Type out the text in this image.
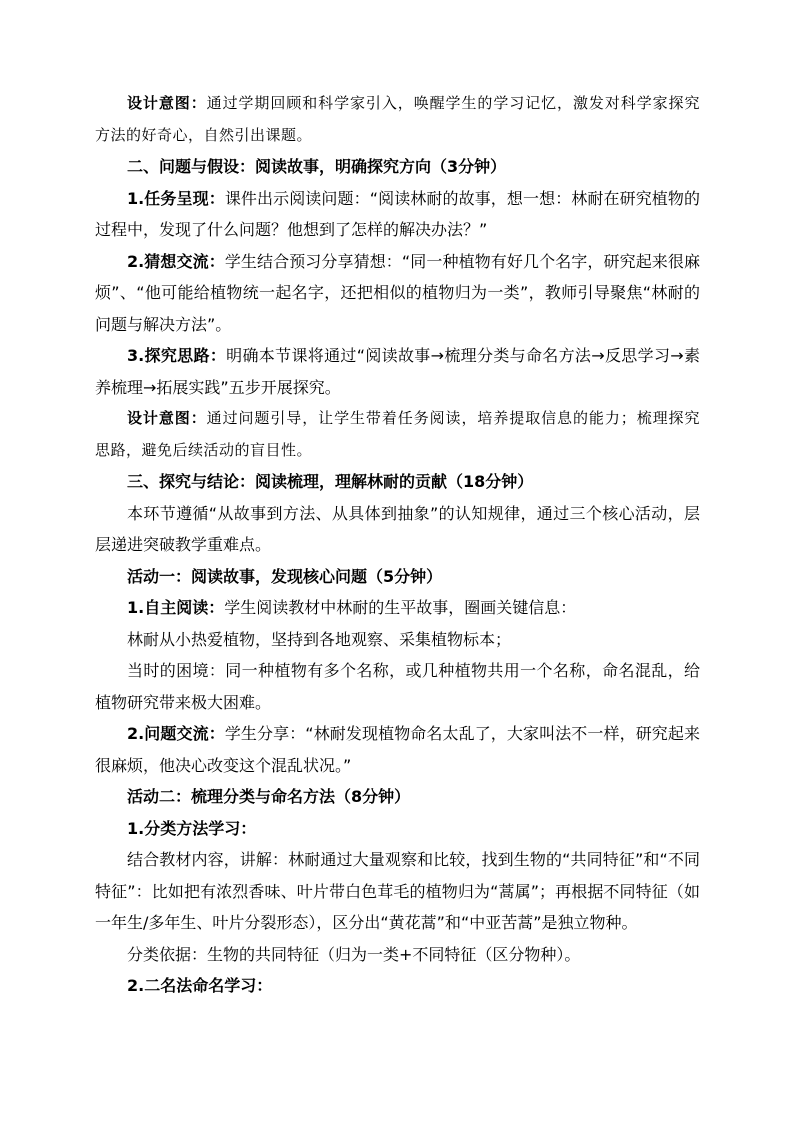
设计意图：通过学期回顾和科学家引入，唤醒学生的学习记忆，激发对科学家探究方法的好奇心，自然引出课题。

二、问题与假设：阅读故事，明确探究方向（3分钟）

1.任务呈现：课件出示阅读问题：“阅读林耐的故事，想一想：林耐在研究植物的过程中，发现了什么问题？他想到了怎样的解决办法？”

2.猜想交流：学生结合预习分享猜想：“同一种植物有好几个名字，研究起来很麻烦”、“他可能给植物统一起名字，还把相似的植物归为一类”，教师引导聚焦“林耐的问题与解决方法”。

3.探究思路：明确本节课将通过“阅读故事→梳理分类与命名方法→反思学习→素养梳理→拓展实践”五步开展探究。

设计意图：通过问题引导，让学生带着任务阅读，培养提取信息的能力；梳理探究思路，避免后续活动的盲目性。

三、探究与结论：阅读梳理，理解林耐的贡献（18分钟）

本环节遵循“从故事到方法、从具体到抽象”的认知规律，通过三个核心活动，层层递进突破教学重难点。

活动一：阅读故事，发现核心问题（5分钟）

1.自主阅读：学生阅读教材中林耐的生平故事，圈画关键信息：

林耐从小热爱植物，坚持到各地观察、采集植物标本；

当时的困境：同一种植物有多个名称，或几种植物共用一个名称，命名混乱，给植物研究带来极大困难。

2.问题交流：学生分享：“林耐发现植物命名太乱了，大家叫法不一样，研究起来很麻烦，他决心改变这个混乱状况。”

活动二：梳理分类与命名方法（8分钟）

1.分类方法学习：

结合教材内容，讲解：林耐通过大量观察和比较，找到生物的“共同特征”和“不同特征”：比如把有浓烈香味、叶片带白色茸毛的植物归为“蒿属”；再根据不同特征（如一年生/多年生、叶片分裂形态），区分出“黄花蒿”和“中亚苦蒿”是独立物种。

分类依据：生物的共同特征（归为一类+不同特征（区分物种）。

2.二名法命名学习：
